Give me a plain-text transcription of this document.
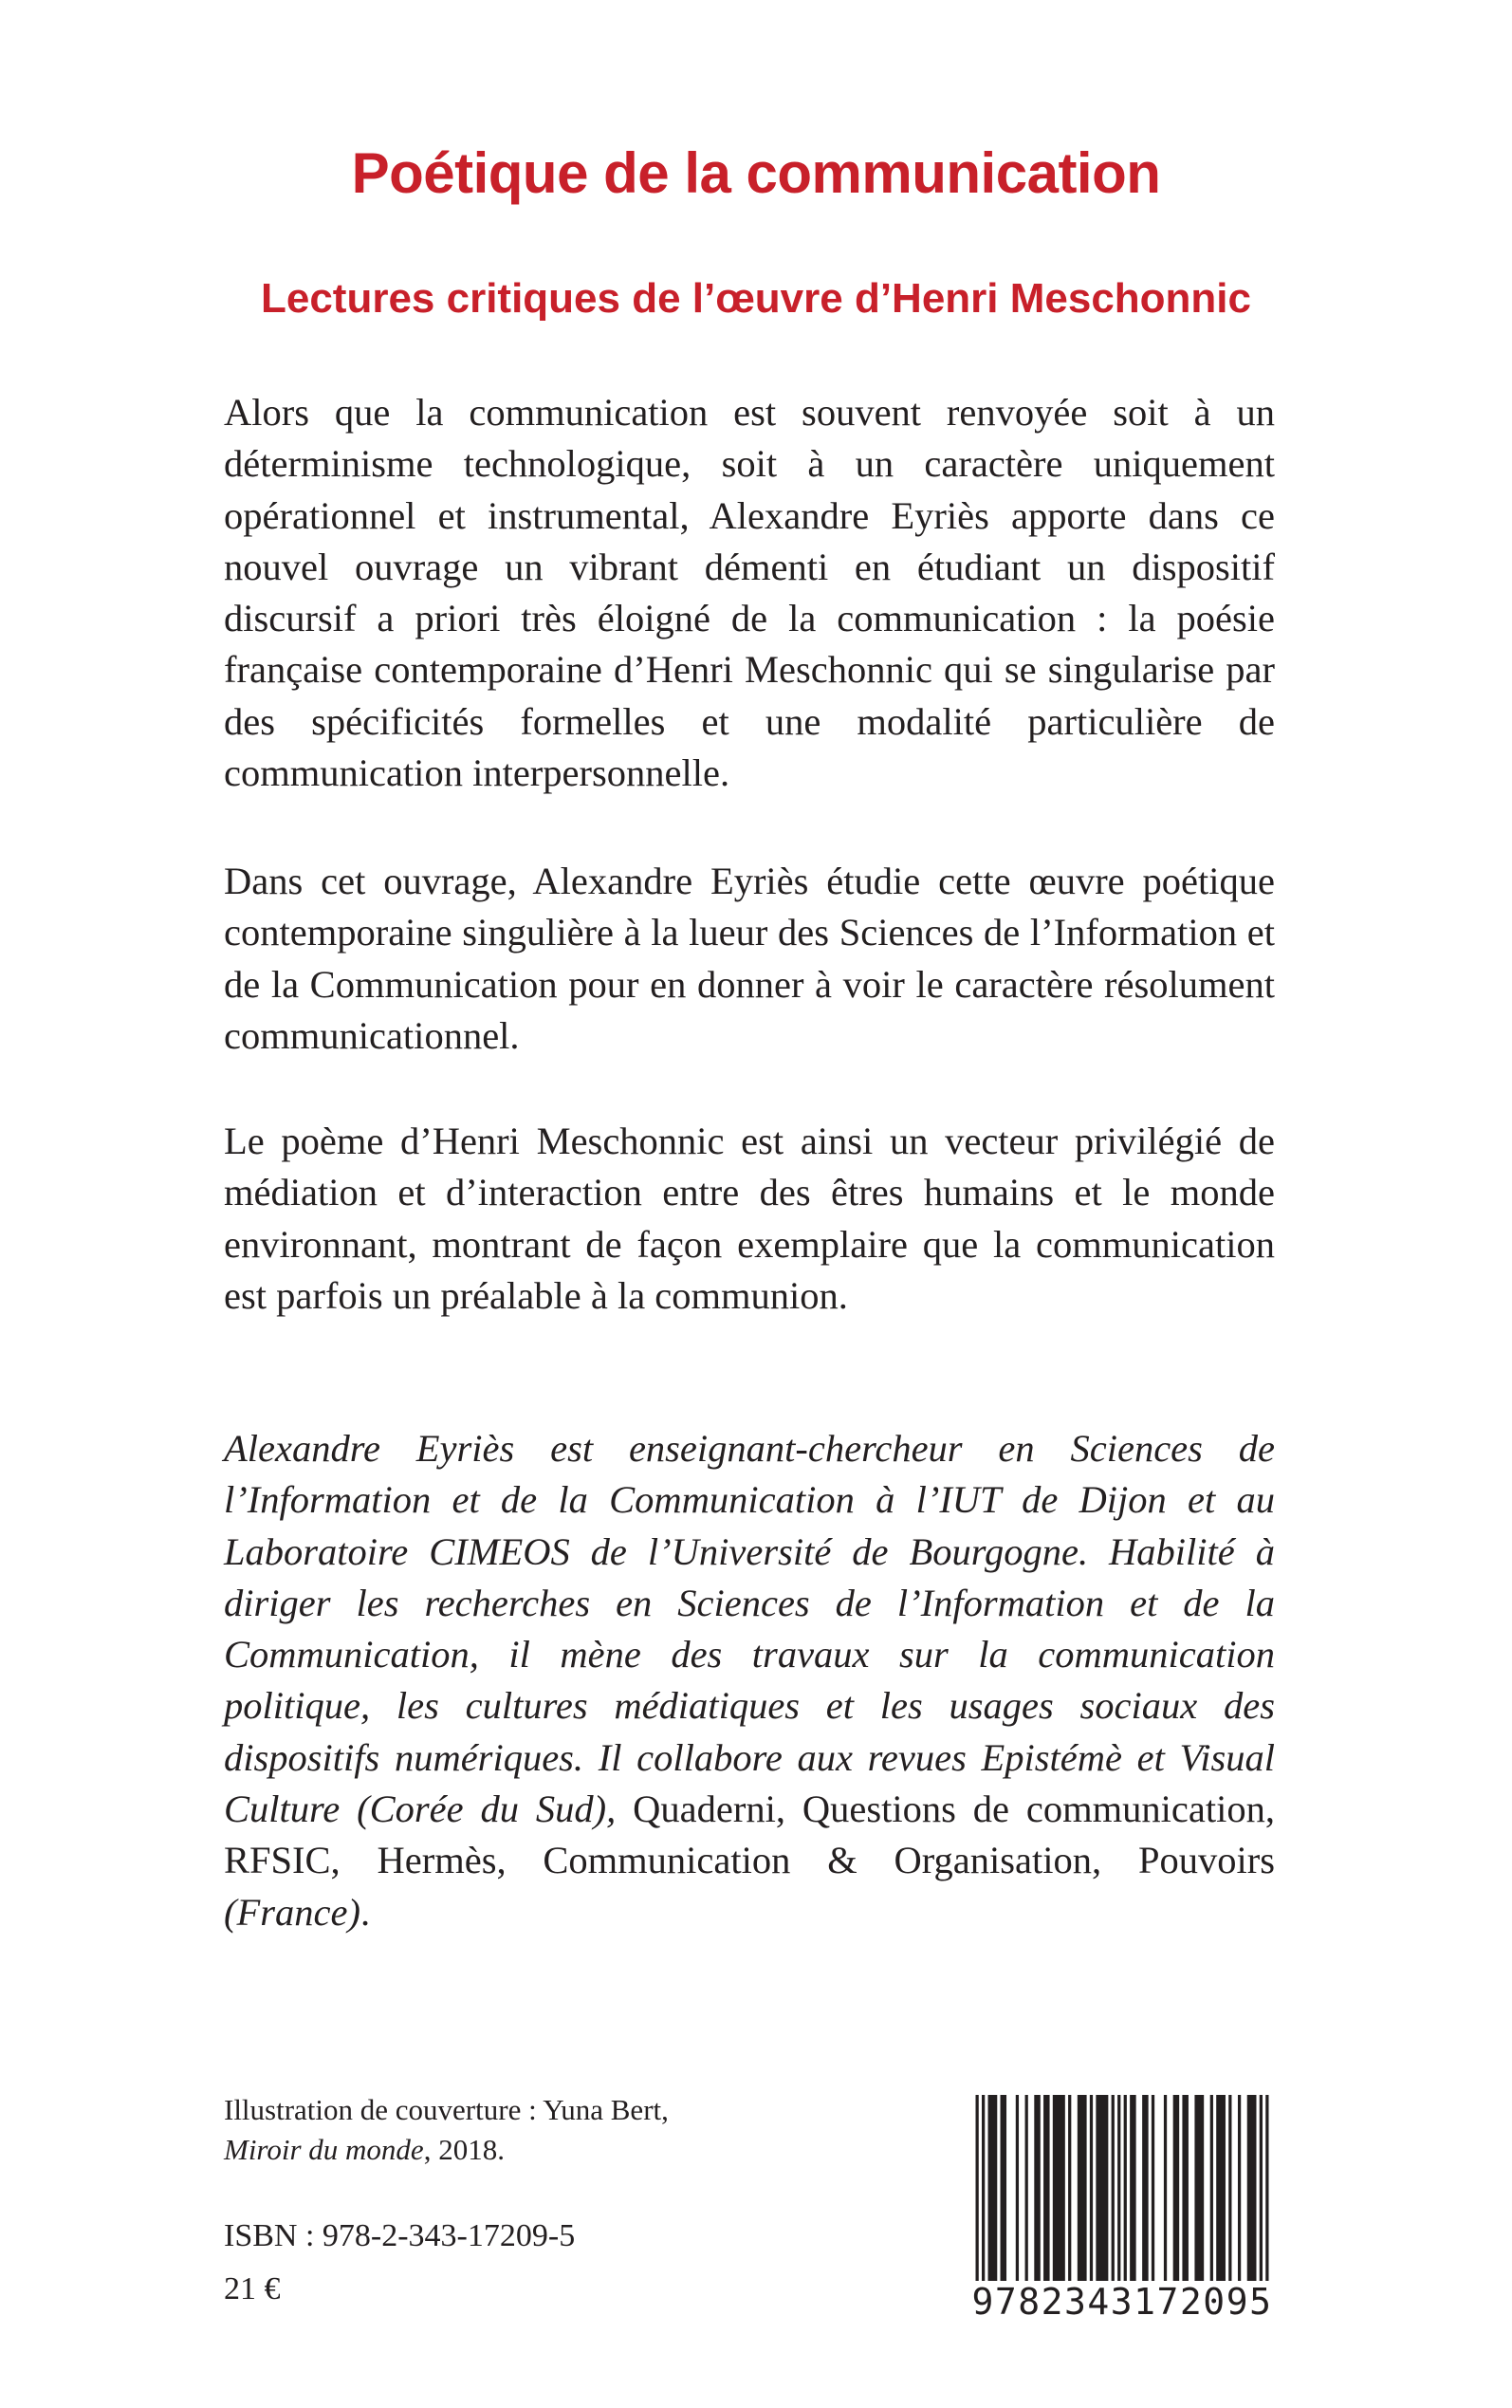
Poétique de la communication
Lectures critiques de l’œuvre d’Henri Meschonnic

Alors que la communication est souvent renvoyée soit à un déterminisme technologique, soit à un caractère uniquement opérationnel et instrumental, Alexandre Eyriès apporte dans ce nouvel ouvrage un vibrant démenti en étudiant un dispositif discursif a priori très éloigné de la communication : la poésie française contemporaine d’Henri Meschonnic qui se singularise par des spécificités formelles et une modalité particulière de communication interpersonnelle.

Dans cet ouvrage, Alexandre Eyriès étudie cette œuvre poétique contemporaine singulière à la lueur des Sciences de l’Information et de la Communication pour en donner à voir le caractère résolument communicationnel.

Le poème d’Henri Meschonnic est ainsi un vecteur privilégié de médiation et d’interaction entre des êtres humains et le monde environnant, montrant de façon exemplaire que la communication est parfois un préalable à la communion.

Alexandre Eyriès est enseignant-chercheur en Sciences de l’Information et de la Communication à l’IUT de Dijon et au Laboratoire CIMEOS de l’Université de Bourgogne. Habilité à diriger les recherches en Sciences de l’Information et de la Communication, il mène des travaux sur la communication politique, les cultures médiatiques et les usages sociaux des dispositifs numériques. Il collabore aux revues Epistémè et Visual Culture (Corée du Sud), Quaderni, Questions de communication, RFSIC, Hermès, Communication & Organisation, Pouvoirs (France).

Illustration de couverture : Yuna Bert,
Miroir du monde, 2018.

ISBN : 978-2-343-17209-5

21 €	9782343172095
